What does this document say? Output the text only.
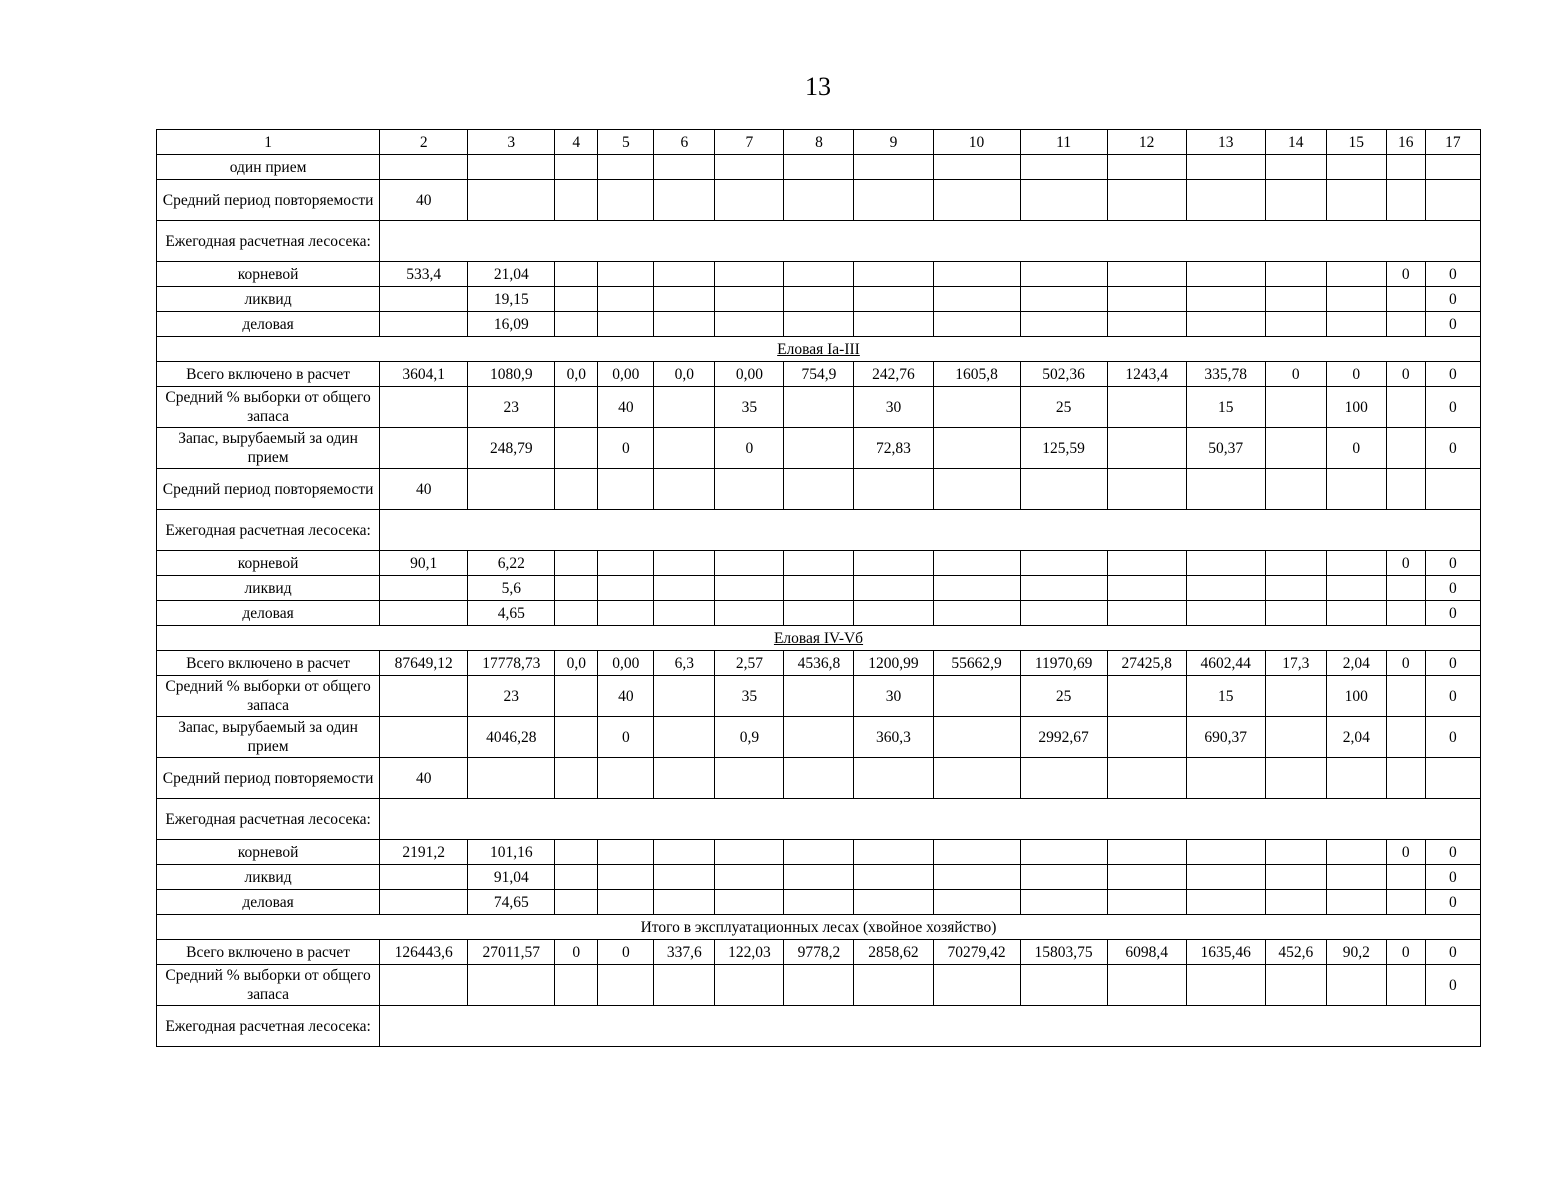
13
1	2	3	4	5	6	7	8	9	10	11	12	13	14	15	16	17
один прием																
Средний период повторяемости	40															
Ежегодная расчетная лесосека:																
корневой	533,4	21,04													0	0
ликвид		19,15														0
деловая		16,09														0
Еловая Ia-III																
Всего включено в расчет	3604,1	1080,9	0,0	0,00	0,0	0,00	754,9	242,76	1605,8	502,36	1243,4	335,78	0	0	0	0
Средний % выборки от общего запаса		23		40		35		30		25		15		100		0
Запас, вырубаемый за один прием		248,79		0		0		72,83		125,59		50,37		0		0
Средний период повторяемости	40															
Ежегодная расчетная лесосека:																
корневой	90,1	6,22													0	0
ликвид		5,6														0
деловая		4,65														0
Еловая IV-Vб																
Всего включено в расчет	87649,12	17778,73	0,0	0,00	6,3	2,57	4536,8	1200,99	55662,9	11970,69	27425,8	4602,44	17,3	2,04	0	0
Средний % выборки от общего запаса		23		40		35		30		25		15		100		0
Запас, вырубаемый за один прием		4046,28		0		0,9		360,3		2992,67		690,37		2,04		0
Средний период повторяемости	40															
Ежегодная расчетная лесосека:																
корневой	2191,2	101,16													0	0
ликвид		91,04														0
деловая		74,65														0
Итого в эксплуатационных лесах (хвойное хозяйство)																
Всего включено в расчет	126443,6	27011,57	0	0	337,6	122,03	9778,2	2858,62	70279,42	15803,75	6098,4	1635,46	452,6	90,2	0	0
Средний % выборки от общего запаса																0
Ежегодная расчетная лесосека:																
